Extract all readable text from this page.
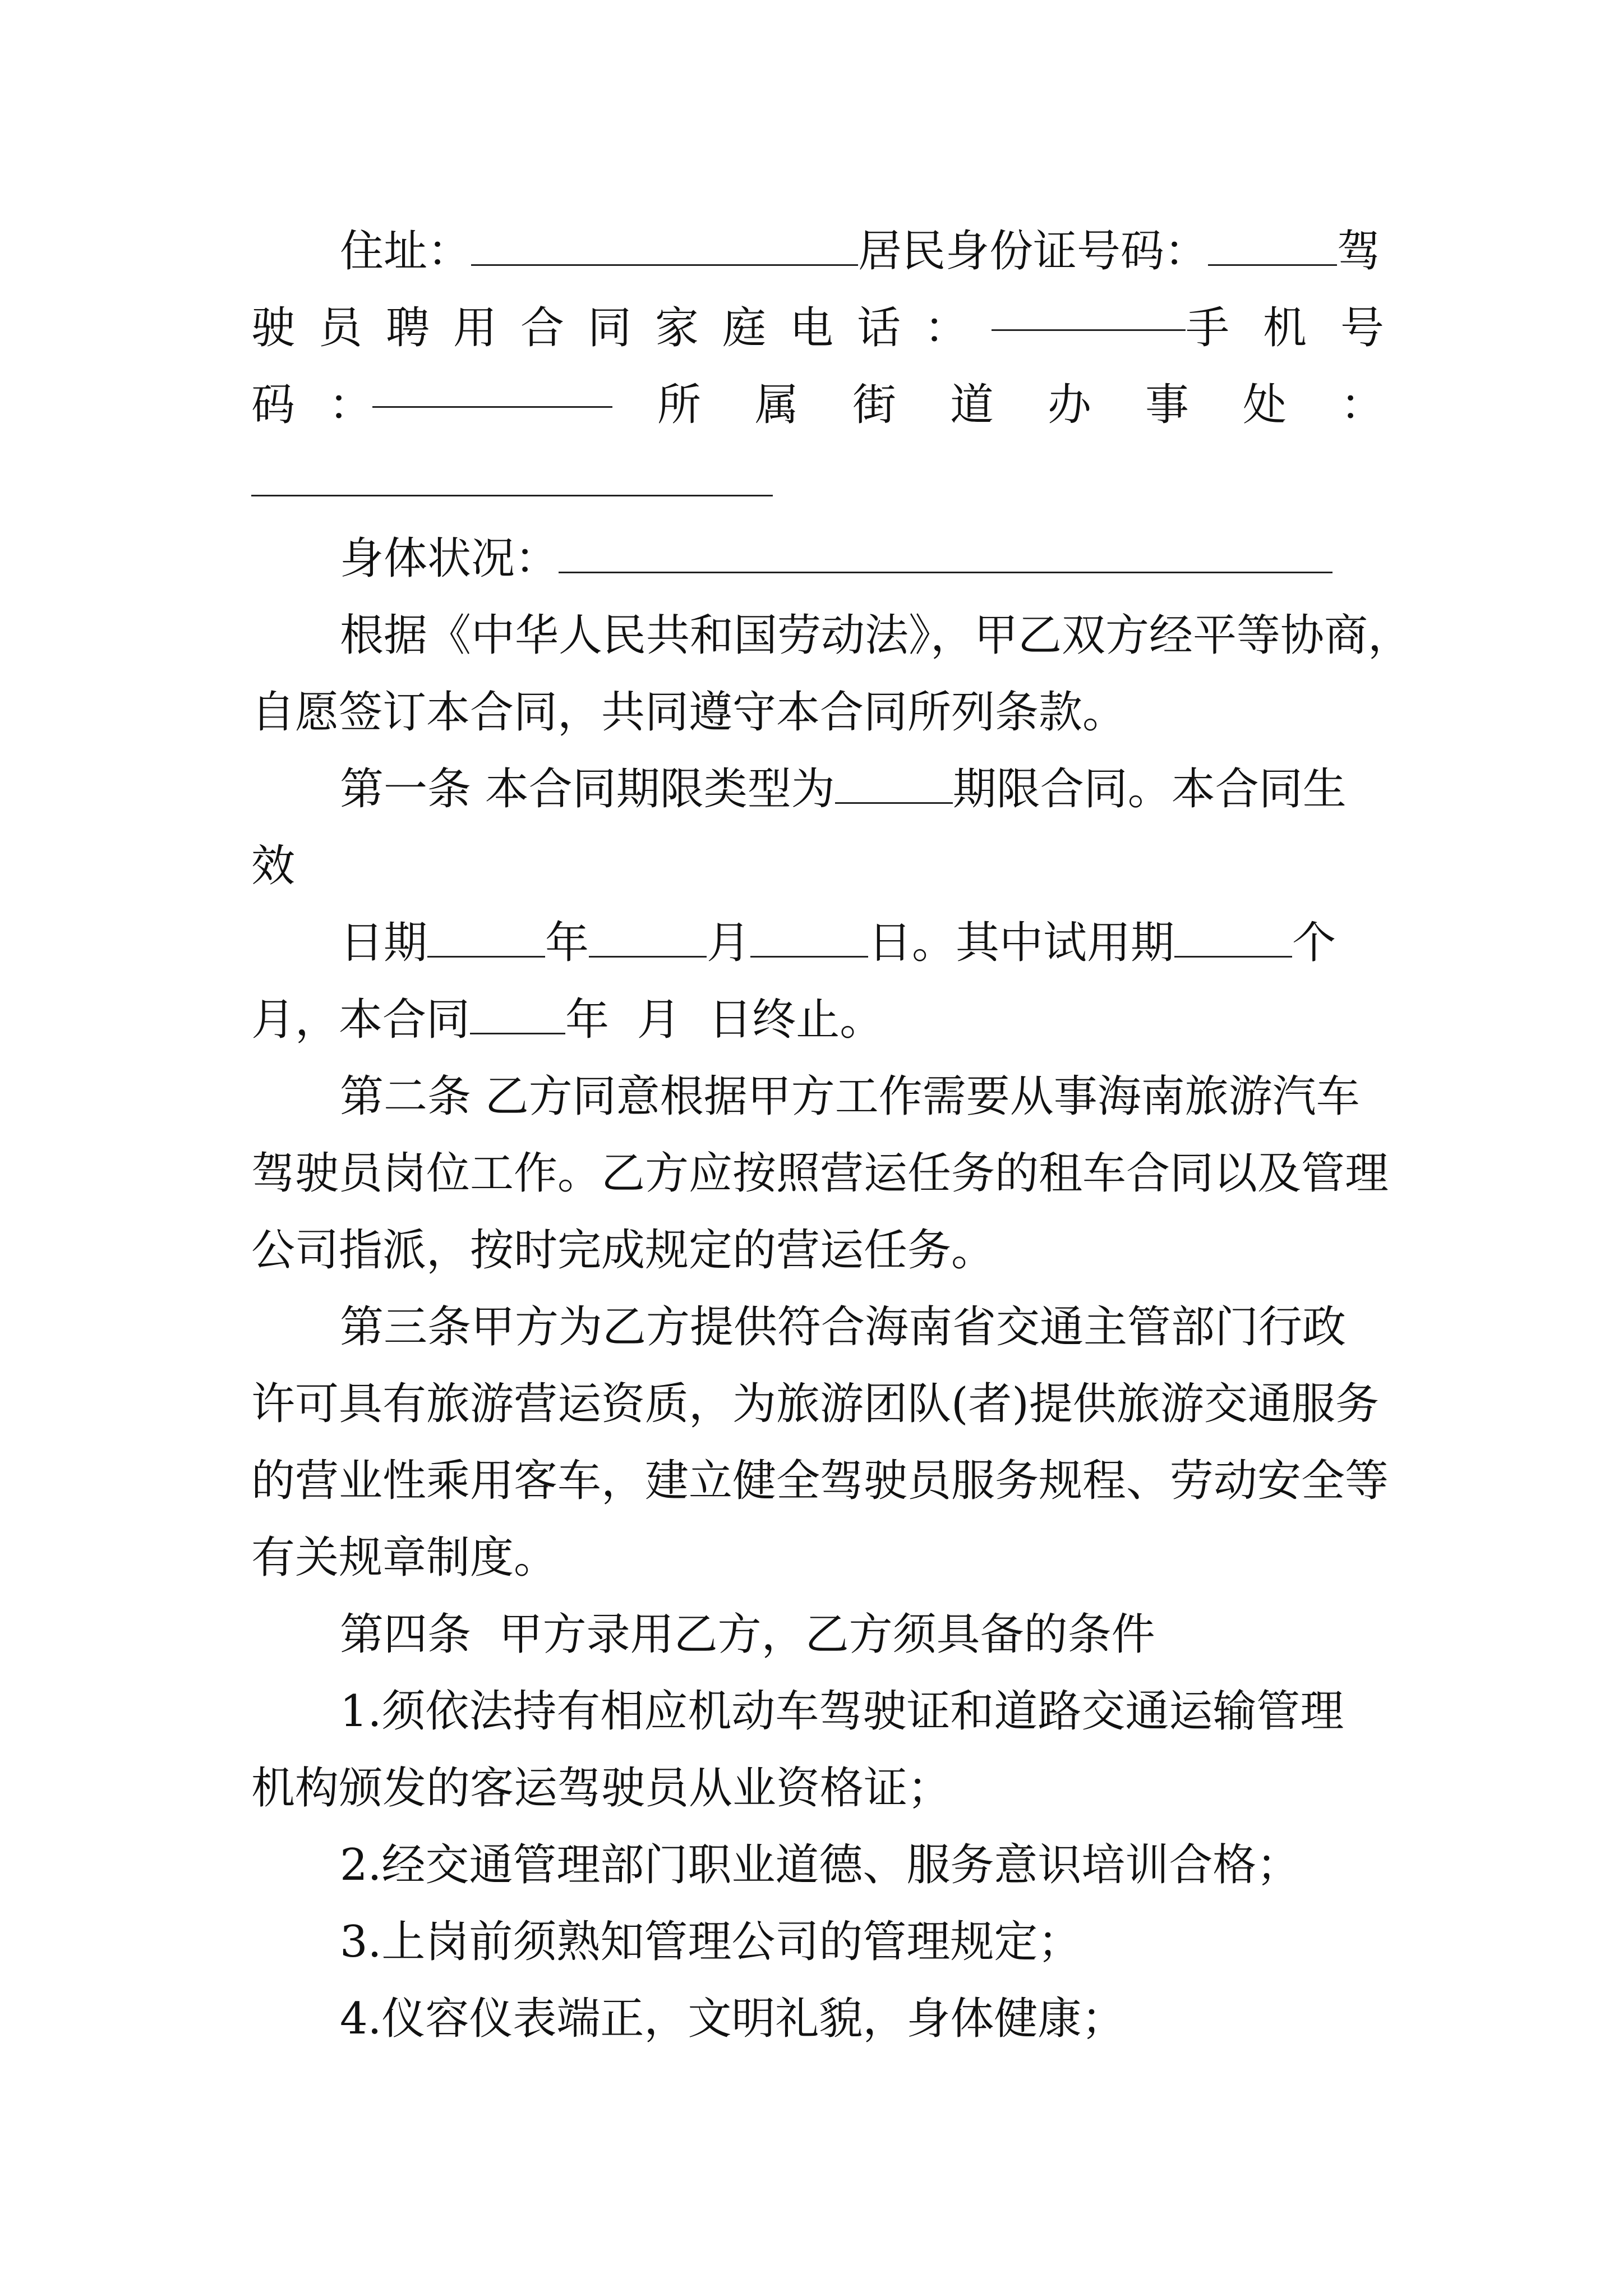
住址：	居民身份证号码：	驾
驶员聘用合同家庭电话：	手机号
码：	所属街道办事处：
身体状况：
根据《中华人民共和国劳动法》，甲乙双方经平等协商，
自愿签订本合同，共同遵守本合同所列条款。
第一条 本合同期限类型为	期限合同。本合同生
效
日期	年	月	日。其中试用期	个
月，本合同 年  月  日终止。
第二条 乙方同意根据甲方工作需要从事海南旅游汽车
驾驶员岗位工作。乙方应按照营运任务的租车合同以及管理
公司指派，按时完成规定的营运任务。
第三条甲方为乙方提供符合海南省交通主管部门行政
许可具有旅游营运资质，为旅游团队(者)提供旅游交通服务
的营业性乘用客车，建立健全驾驶员服务规程、劳动安全等
有关规章制度。
第四条  甲方录用乙方，乙方须具备的条件
1.须依法持有相应机动车驾驶证和道路交通运输管理
机构颁发的客运驾驶员从业资格证；
2.经交通管理部门职业道德、服务意识培训合格；
3.上岗前须熟知管理公司的管理规定；
4.仪容仪表端正，文明礼貌，身体健康；
